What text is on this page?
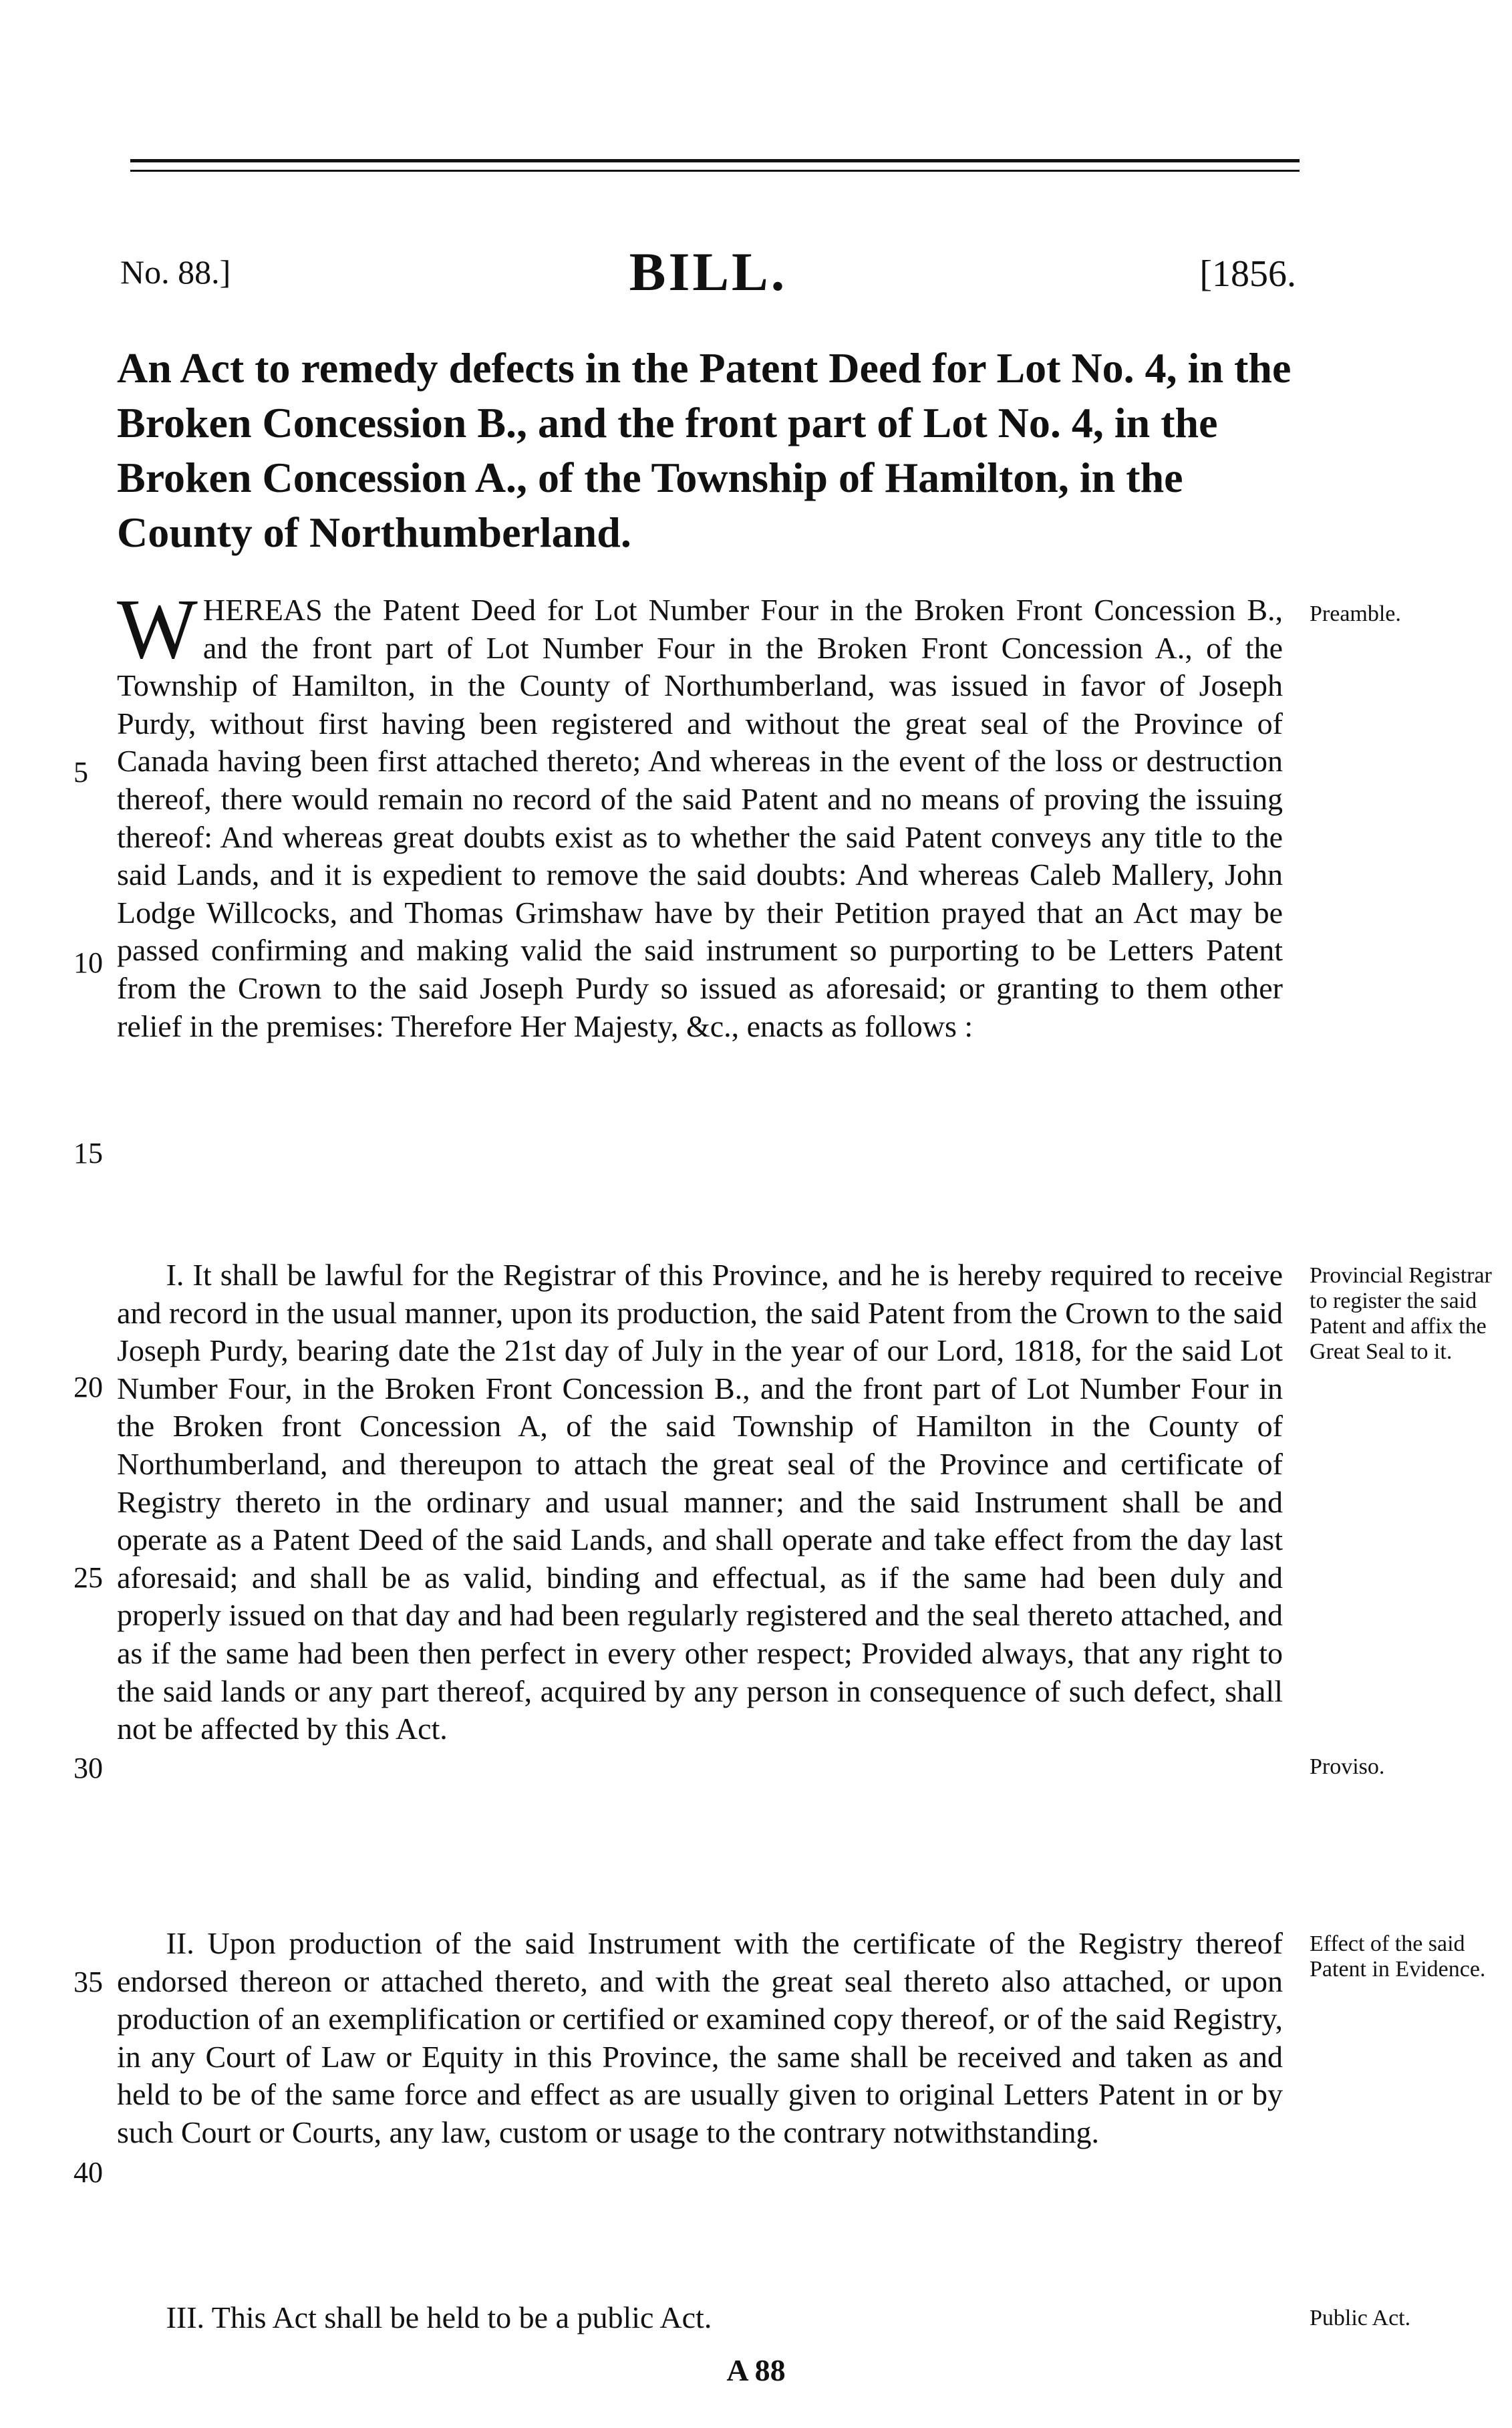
No. 88.]	BILL.	[1856.
An Act to remedy defects in the Patent Deed for Lot No. 4, in the Broken Concession B., and the front part of Lot No. 4, in the Broken Concession A., of the Township of Hamilton, in the County of Northumberland.
W HEREAS the Patent Deed for Lot Number Four in the Broken Front Concession B., and the front part of Lot Number Four in the Broken Front Concession A., of the Township of Hamilton, in the County of Northumberland, was issued in favor of Joseph Purdy, without first having been registered and without the great seal of the Province of Canada having been first attached thereto; And whereas in the event of the loss or destruction thereof, there would remain no record of the said Patent and no means of proving the issuing thereof: And whereas great doubts exist as to whether the said Patent conveys any title to the said Lands, and it is expedient to remove the said doubts: And whereas Caleb Mallery, John Lodge Willcocks, and Thomas Grimshaw have by their Petition prayed that an Act may be passed confirming and making valid the said instrument so purporting to be Letters Patent from the Crown to the said Joseph Purdy so issued as aforesaid; or granting to them other relief in the premises: Therefore Her Majesty, &c., enacts as follows :

I. It shall be lawful for the Registrar of this Province, and he is hereby required to receive and record in the usual manner, upon its production, the said Patent from the Crown to the said Joseph Purdy, bearing date the 21st day of July in the year of our Lord, 1818, for the said Lot Number Four, in the Broken Front Concession B., and the front part of Lot Number Four in the Broken front Concession A, of the said Township of Hamilton in the County of Northumberland, and thereupon to attach the great seal of the Province and certificate of Registry thereto in the ordinary and usual manner; and the said Instrument shall be and operate as a Patent Deed of the said Lands, and shall operate and take effect from the day last aforesaid; and shall be as valid, binding and effectual, as if the same had been duly and properly issued on that day and had been regularly registered and the seal thereto attached, and as if the same had been then perfect in every other respect; Provided always, that any right to the said lands or any part thereof, acquired by any person in consequence of such defect, shall not be affected by this Act.

II. Upon production of the said Instrument with the certificate of the Registry thereof endorsed thereon or attached thereto, and with the great seal thereto also attached, or upon production of an exemplification or certified or examined copy thereof, or of the said Registry, in any Court of Law or Equity in this Province, the same shall be received and taken as and held to be of the same force and effect as are usually given to original Letters Patent in or by such Court or Courts, any law, custom or usage to the contrary notwithstanding.

III. This Act shall be held to be a public Act.

5
10
15
20
25
30
35
40
Preamble.
Provincial Registrar to register the said Patent and affix the Great Seal to it.
Proviso.
Effect of the said Patent in Evidence.
Public Act.
A 88
